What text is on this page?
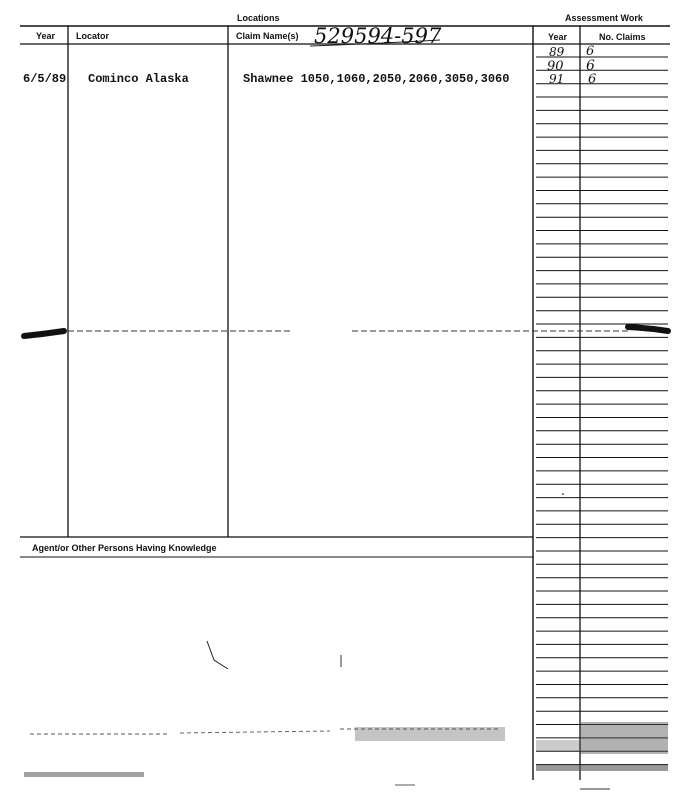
Locations	Assessment Work
Year Locator	Claim Name(s)	Year	No. Claims
Agent/or Other Persons Having Knowledge
529594-597
6/5/89 Cominco Alaska	Shawnee 1050,1060,2050,2060,3050,3060
89 6
90 6
91 6
